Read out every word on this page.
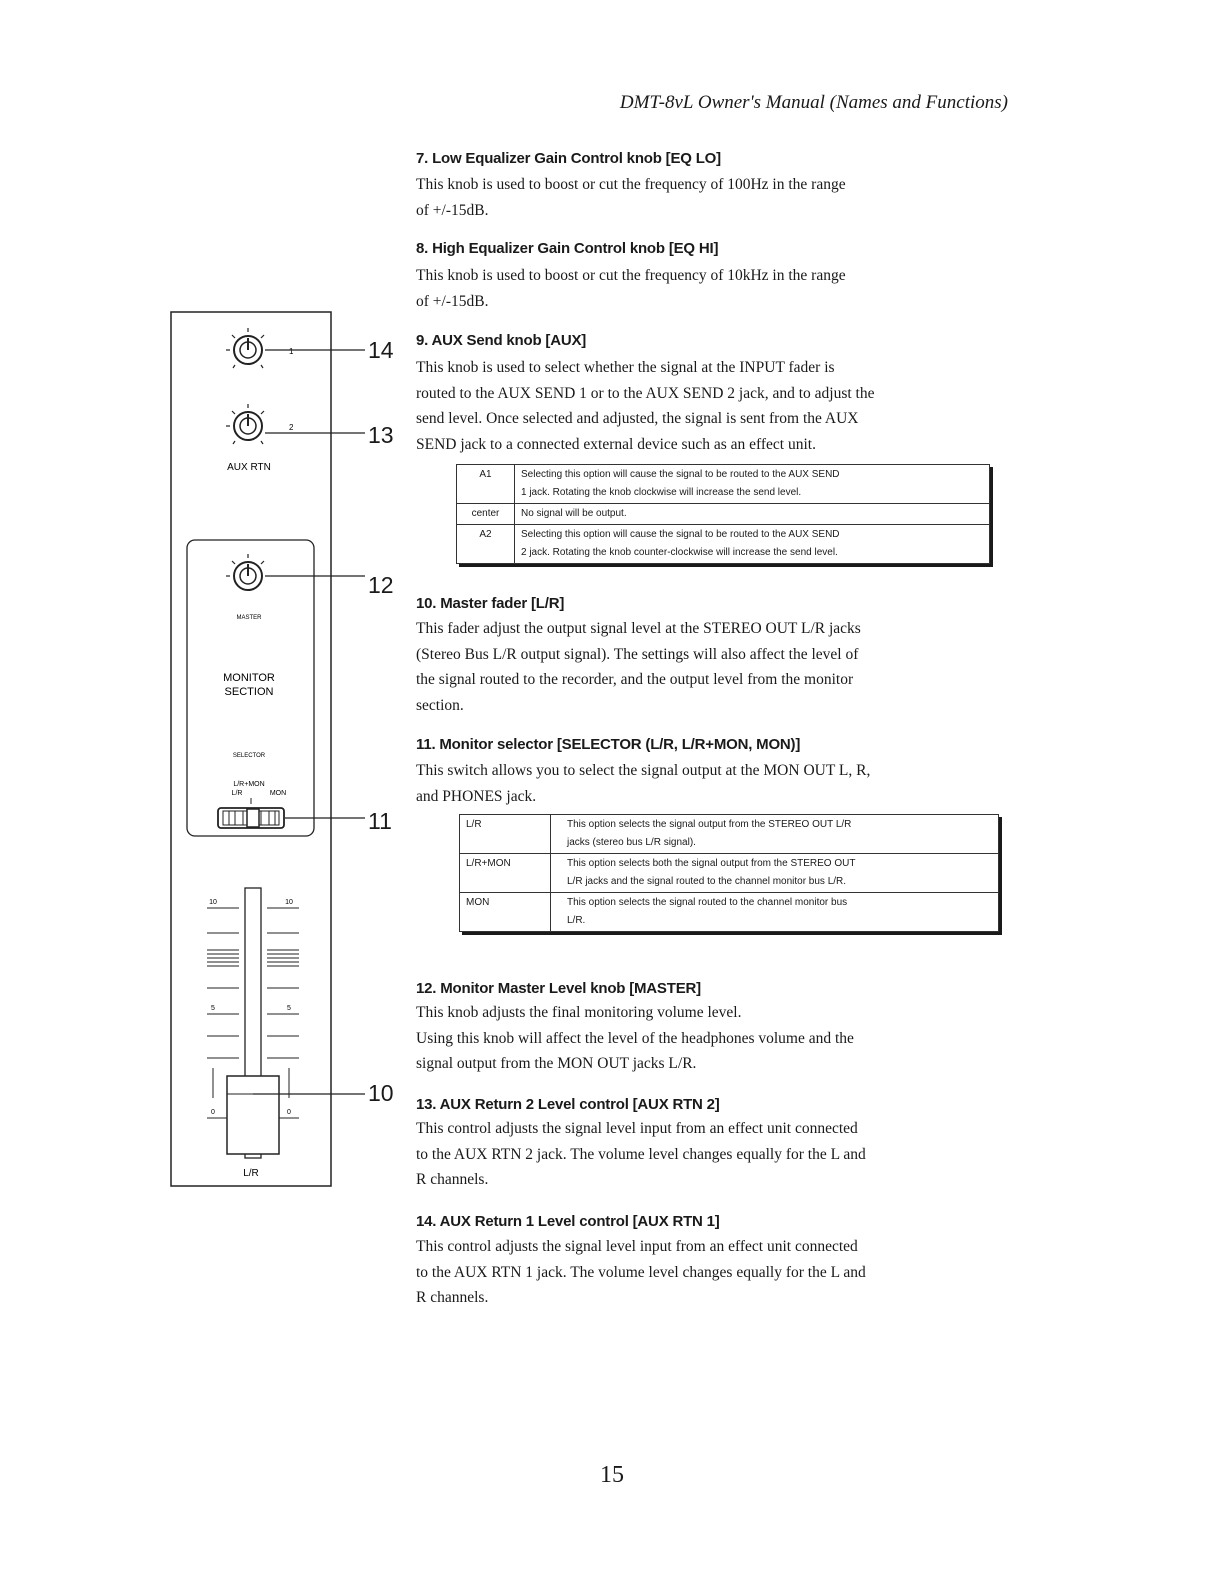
DMT-8vL Owner's Manual (Names and Functions)
1
2
AUX RTN
MASTER
MONITOR
SECTION
SELECTOR
L/R+MON
L/R	MON
10	10
5	5
0	0
L/R
14
13
12
11
10
7. Low Equalizer Gain Control knob [EQ LO]
This knob is used to boost or cut the frequency of 100Hz in the range
of +/-15dB.
8. High Equalizer Gain Control knob [EQ HI]
This knob is used to boost or cut the frequency of 10kHz in the range
of +/-15dB.
9. AUX Send knob [AUX]
This knob is used to select whether the signal at the INPUT fader is
routed to the AUX SEND 1 or to the AUX SEND 2 jack, and to adjust the
send level. Once selected and adjusted, the signal is sent from the AUX
SEND jack to a connected external device such as an effect unit.
A1	Selecting this option will cause the signal to be routed to the AUX SEND
1 jack. Rotating the knob clockwise will increase the send level.

center	No signal will be output.

A2	Selecting this option will cause the signal to be routed to the AUX SEND
2 jack. Rotating the knob counter-clockwise will increase the send level.
10. Master fader [L/R]
This fader adjust the output signal level at the STEREO OUT L/R jacks
(Stereo Bus L/R output signal). The settings will also affect the level of
the signal routed to the recorder, and the output level from the monitor
section.
11. Monitor selector [SELECTOR (L/R, L/R+MON, MON)]
This switch allows you to select the signal output at the MON OUT L, R,
and PHONES jack.
L/R	This option selects the signal output from the STEREO OUT L/R
jacks (stereo bus L/R signal).

L/R+MON	This option selects both the signal output from the STEREO OUT
L/R jacks and the signal routed to the channel monitor bus L/R.

MON	This option selects the signal routed to the channel monitor bus
L/R.
12. Monitor Master Level knob [MASTER]
This knob adjusts the final monitoring volume level.
Using this knob will affect the level of the headphones volume and the
signal output from the MON OUT jacks L/R.
13. AUX Return 2 Level control [AUX RTN 2]
This control adjusts the signal level input from an effect unit connected
to the AUX RTN 2 jack. The volume level changes equally for the L and
R channels.
14. AUX Return 1 Level control [AUX RTN 1]
This control adjusts the signal level input from an effect unit connected
to the AUX RTN 1 jack. The volume level changes equally for the L and
R channels.
15
